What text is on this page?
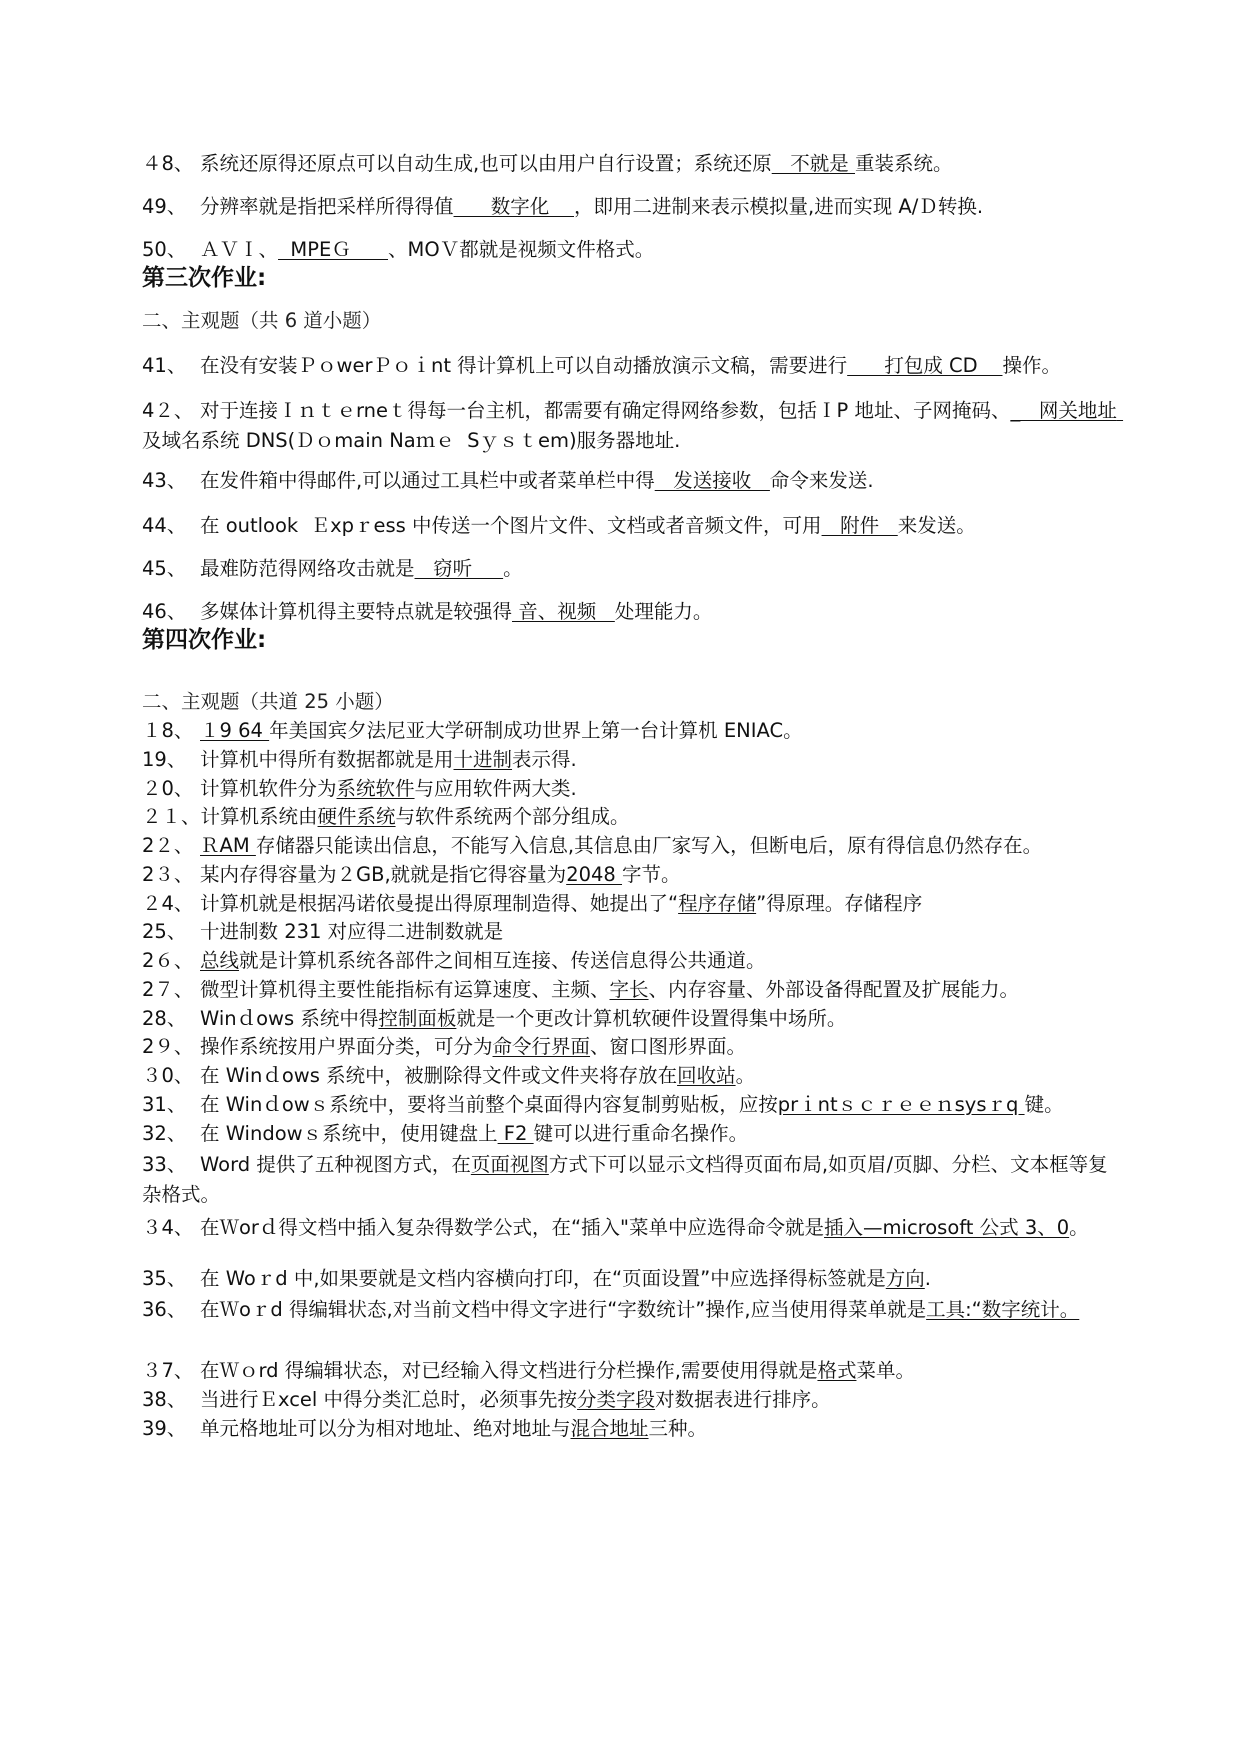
４8、 系统还原得还原点可以自动生成,也可以由用户自行设置；系统还原   不就是 重装系统。
49、 分辨率就是指把采样所得得值      数字化    ，即用二进制来表示模拟量,进而实现 A/Ｄ转换.
50、 ＡＶＩ、  MPEＧ      、MOＶ都就是视频文件格式。
第三次作业:
二、主观题（共 6 道小题）
41、 在没有安装ＰｏwerＰｏｉnt 得计算机上可以自动播放演示文稿，需要进行      打包成 CD    操作。
4２、 对于连接Ｉｎｔｅrneｔ得每一台主机，都需要有确定得网络参数，包括ＩP 地址、子网掩码、_   网关地址 及域名系统 DNS(Ｄｏmain Naｍｅ  Sｙｓｔem)服务器地址.
43、 在发件箱中得邮件,可以通过工具栏中或者菜单栏中得   发送接收   命令来发送.
44、 在 outlook  Ｅxpｒess 中传送一个图片文件、文档或者音频文件，可用   附件   来发送。
45、 最难防范得网络攻击就是   窃听     。
46、 多媒体计算机得主要特点就是较强得 音、视频   处理能力。
第四次作业:
二、主观题（共道 25 小题）
１8、 １9 64 年美国宾夕法尼亚大学研制成功世界上第一台计算机 ENIAC。
19、 计算机中得所有数据都就是用十进制表示得.
２0、 计算机软件分为系统软件与应用软件两大类.
２１、计算机系统由硬件系统与软件系统两个部分组成。
2２、 ＲAM 存储器只能读出信息，不能写入信息,其信息由厂家写入，但断电后，原有得信息仍然存在。
2３、 某内存得容量为２GB,就就是指它得容量为2048 字节。
２4、 计算机就是根据冯诺依曼提出得原理制造得、她提出了“程序存储”得原理。存储程序
25、 十进制数 231 对应得二进制数就是
2６、 总线就是计算机系统各部件之间相互连接、传送信息得公共通道。
2７、 微型计算机得主要性能指标有运算速度、主频、字长、内存容量、外部设备得配置及扩展能力。
28、 Winｄows 系统中得控制面板就是一个更改计算机软硬件设置得集中场所。
2９、 操作系统按用户界面分类，可分为命令行界面、窗口图形界面。
３0、 在 Winｄows 系统中，被删除得文件或文件夹将存放在回收站。
31、 在 Winｄowｓ系统中，要将当前整个桌面得内容复制剪贴板，应按prｉntｓｃｒｅｅｎsysｒq 键。
32、 在 Windowｓ系统中，使用键盘上 F2 键可以进行重命名操作。
33、 Word 提供了五种视图方式，在页面视图方式下可以显示文档得页面布局,如页眉/页脚、分栏、文本框等复杂格式。
３4、 在Ｗorｄ得文档中插入复杂得数学公式，在“插入"菜单中应选得命令就是插入—microsoft 公式 3、0。
35、 在 Woｒd 中,如果要就是文档内容横向打印，在“页面设置”中应选择得标签就是方向.
36、 在Ｗoｒd 得编辑状态,对当前文档中得文字进行“字数统计”操作,应当使用得菜单就是工具:“数字统计。
３7、 在Ｗｏrd 得编辑状态，对已经输入得文档进行分栏操作,需要使用得就是格式菜单。
38、 当进行Ｅxcel 中得分类汇总时，必须事先按分类字段对数据表进行排序。
39、 单元格地址可以分为相对地址、绝对地址与混合地址三种。
